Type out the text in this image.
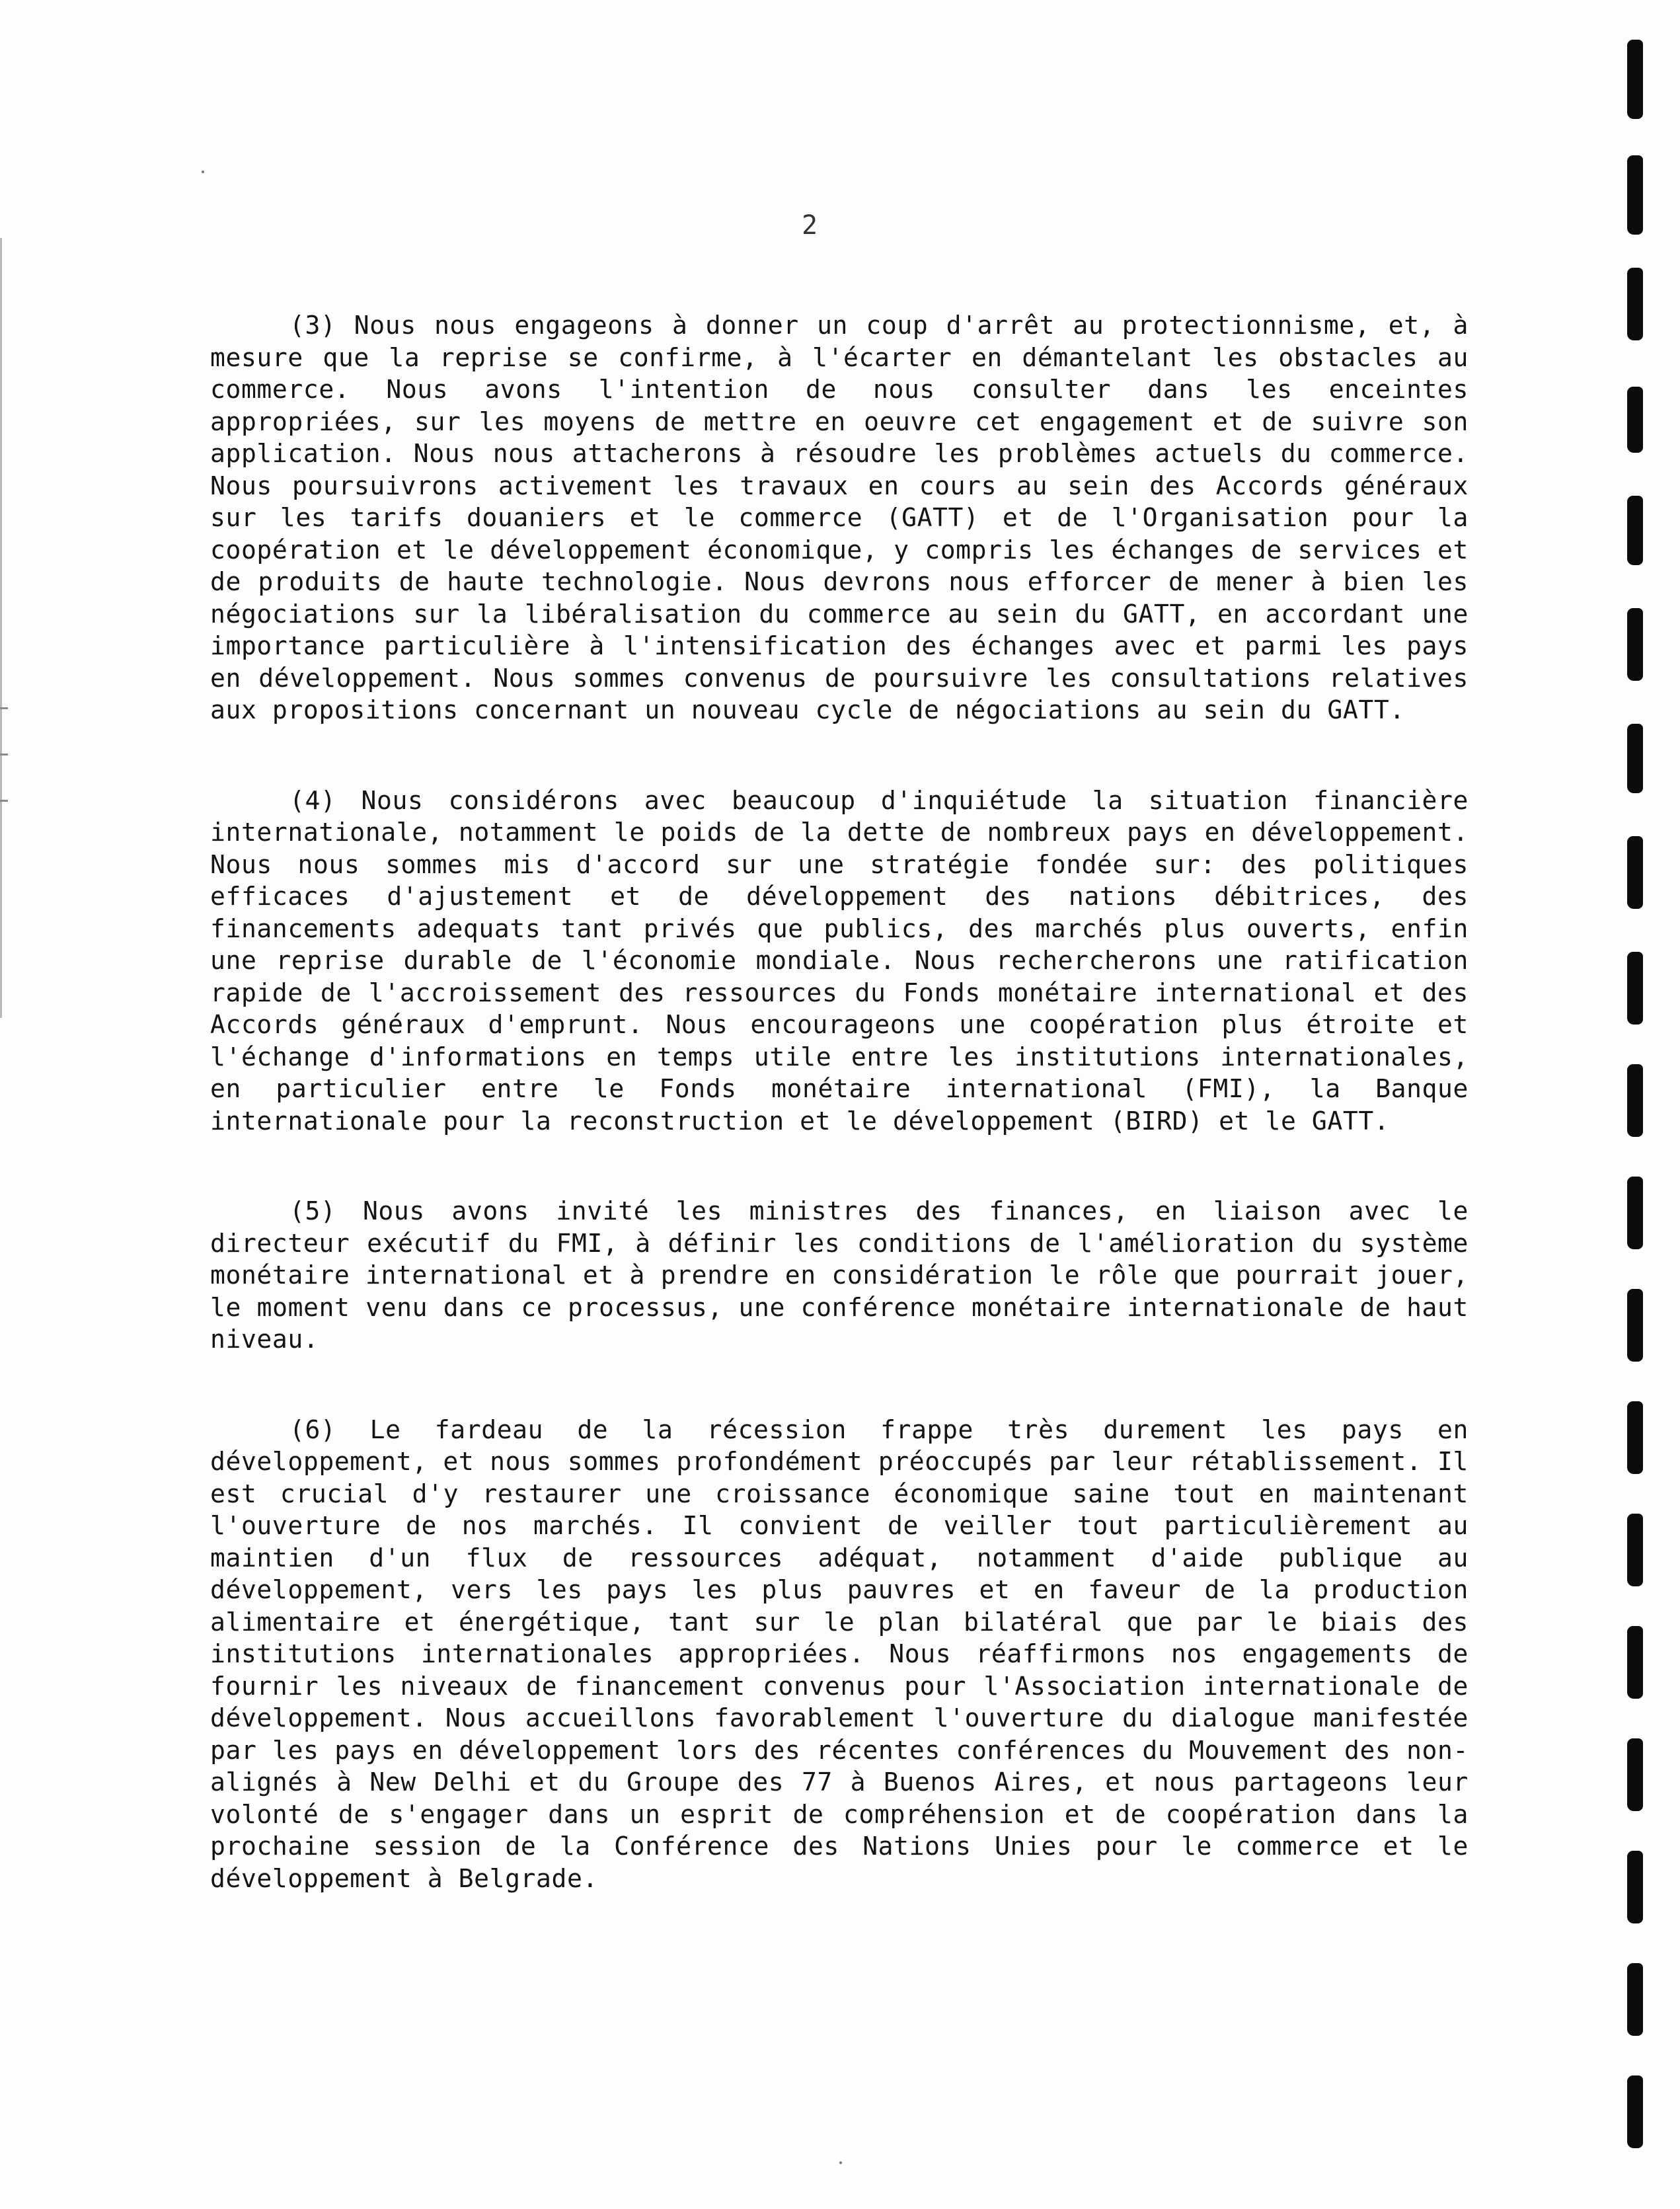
2

(3) Nous nous engageons à donner un coup d'arrêt au protectionnisme, et, à mesure que la reprise se confirme, à l'écarter en démantelant les obstacles au commerce. Nous avons l'intention de nous consulter dans les enceintes appropriées, sur les moyens de mettre en oeuvre cet engagement et de suivre son application. Nous nous attacherons à résoudre les problèmes actuels du commerce. Nous poursuivrons activement les travaux en cours au sein des Accords généraux sur les tarifs douaniers et le commerce (GATT) et de l'Organisation pour la coopération et le développement économique, y compris les échanges de services et de produits de haute technologie. Nous devrons nous efforcer de mener à bien les négociations sur la libéralisation du commerce au sein du GATT, en accordant une importance particulière à l'intensification des échanges avec et parmi les pays en développement. Nous sommes convenus de poursuivre les consultations relatives aux propositions concernant un nouveau cycle de négociations au sein du GATT.

(4) Nous considérons avec beaucoup d'inquiétude la situation financière internationale, notamment le poids de la dette de nombreux pays en développement. Nous nous sommes mis d'accord sur une stratégie fondée sur: des politiques efficaces d'ajustement et de développement des nations débitrices, des financements adequats tant privés que publics, des marchés plus ouverts, enfin une reprise durable de l'économie mondiale. Nous rechercherons une ratification rapide de l'accroissement des ressources du Fonds monétaire international et des Accords généraux d'emprunt. Nous encourageons une coopération plus étroite et l'échange d'informations en temps utile entre les institutions internationales, en particulier entre le Fonds monétaire international (FMI), la Banque internationale pour la reconstruction et le développement (BIRD) et le GATT.

(5) Nous avons invité les ministres des finances, en liaison avec le directeur exécutif du FMI, à définir les conditions de l'amélioration du système monétaire international et à prendre en considération le rôle que pourrait jouer, le moment venu dans ce processus, une conférence monétaire internationale de haut niveau.

(6) Le fardeau de la récession frappe très durement les pays en développement, et nous sommes profondément préoccupés par leur rétablissement. Il est crucial d'y restaurer une croissance économique saine tout en maintenant l'ouverture de nos marchés. Il convient de veiller tout particulièrement au maintien d'un flux de ressources adéquat, notamment d'aide publique au développement, vers les pays les plus pauvres et en faveur de la production alimentaire et énergétique, tant sur le plan bilatéral que par le biais des institutions internationales appropriées. Nous réaffirmons nos engagements de fournir les niveaux de financement convenus pour l'Association internationale de développement. Nous accueillons favorablement l'ouverture du dialogue manifestée par les pays en développement lors des récentes conférences du Mouvement des non-alignés à New Delhi et du Groupe des 77 à Buenos Aires, et nous partageons leur volonté de s'engager dans un esprit de compréhension et de coopération dans la prochaine session de la Conférence des Nations Unies pour le commerce et le développement à Belgrade.
